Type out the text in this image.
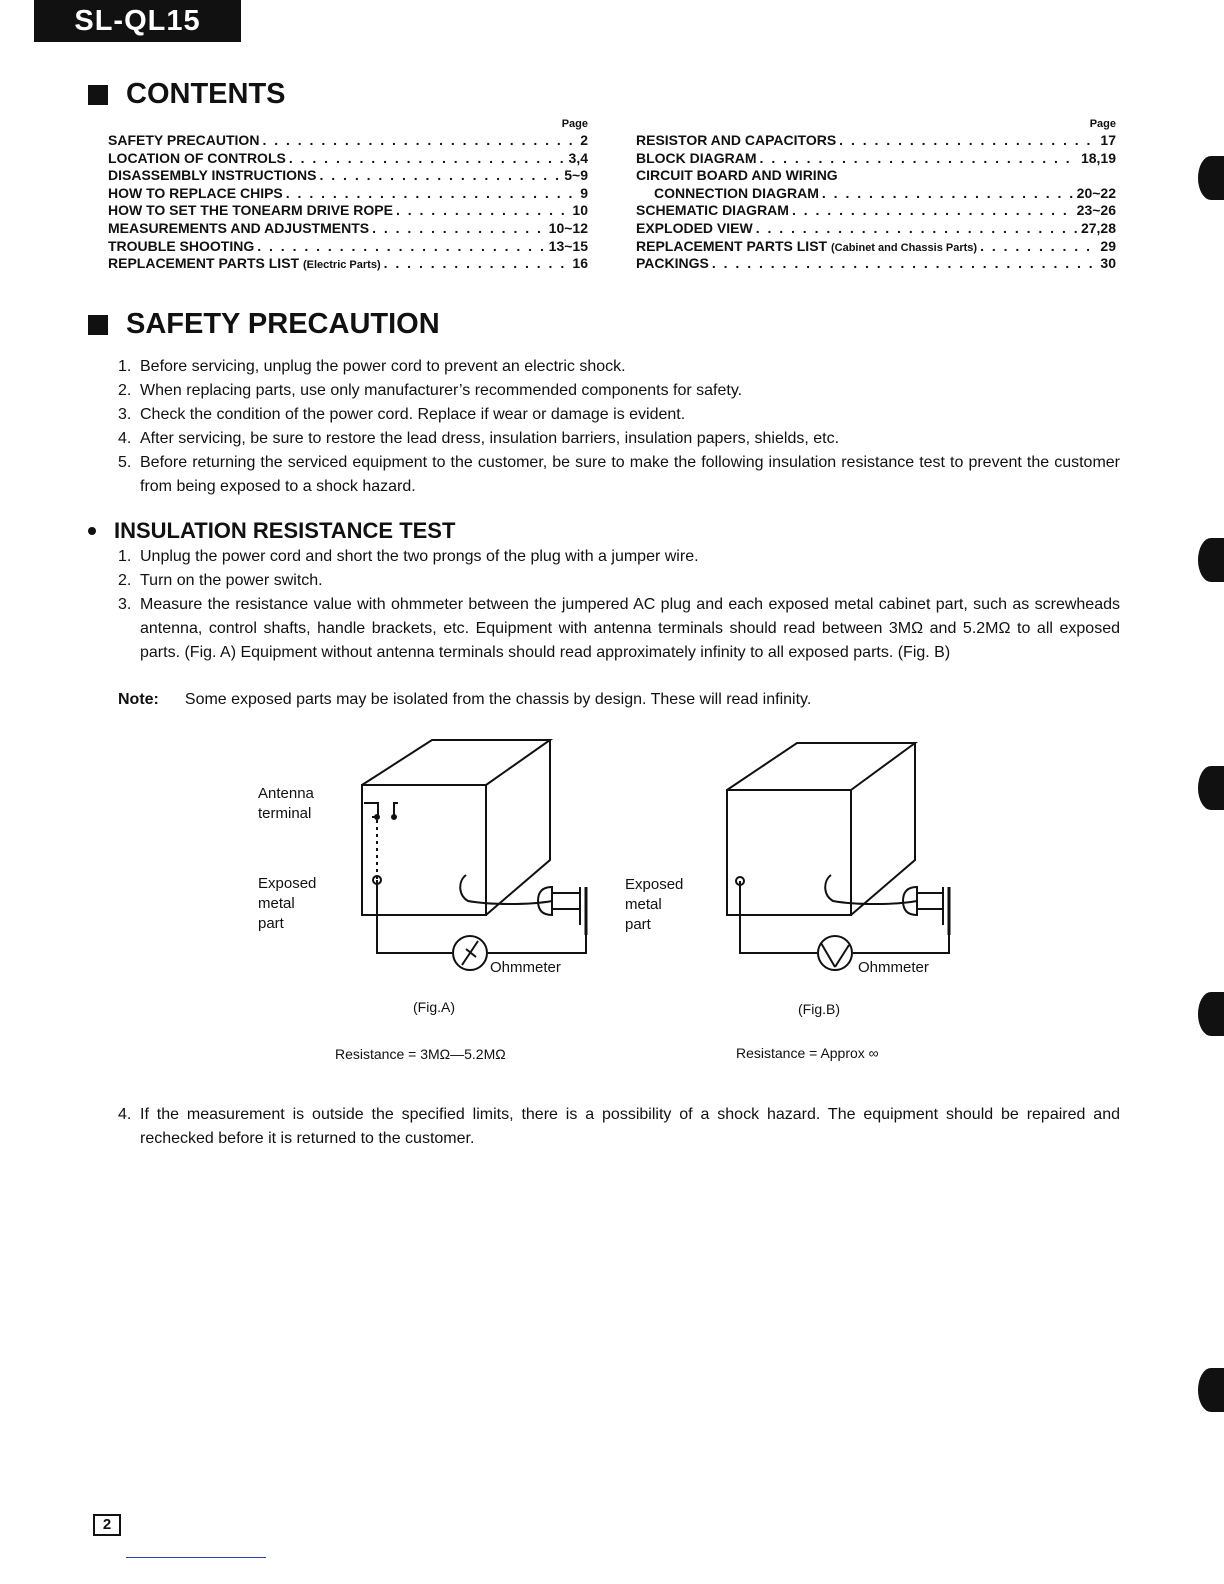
SL-QL15
CONTENTS
Page
SAFETY PRECAUTION . . .	2
LOCATION OF CONTROLS . . .	3,4
DISASSEMBLY INSTRUCTIONS . . .	5~9
HOW TO REPLACE CHIPS . . .	9
HOW TO SET THE TONEARM DRIVE ROPE . . .	10
MEASUREMENTS AND ADJUSTMENTS . . .	10~12
TROUBLE SHOOTING . . .	13~15
REPLACEMENT PARTS LIST
(Electric Parts) . . .	16
Page
RESISTOR AND CAPACITORS . . .	17
BLOCK DIAGRAM . . .	18,19
CIRCUIT BOARD AND WIRING
CONNECTION DIAGRAM . . .	20~22
SCHEMATIC DIAGRAM . . .	23~26
EXPLODED VIEW . . .	27,28
REPLACEMENT PARTS LIST
(Cabinet and Chassis Parts) . . .	29
PACKINGS . . .	30
SAFETY PRECAUTION
1. Before servicing, unplug the power cord to prevent an electric shock.
2. When replacing parts, use only manufacturer’s recommended components for safety.
3. Check the condition of the power cord. Replace if wear or damage is evident.
4. After servicing, be sure to restore the lead dress, insulation barriers, insulation papers, shields, etc.
5. Before returning the serviced equipment to the customer, be sure to make the following insulation resistance test to prevent the customer from being exposed to a shock hazard.
INSULATION RESISTANCE TEST
1. Unplug the power cord and short the two prongs of the plug with a jumper wire.
2. Turn on the power switch.
3. Measure the resistance value with ohmmeter between the jumpered AC plug and each exposed metal cabinet part, such as screwheads antenna, control shafts, handle brackets, etc. Equipment with antenna terminals should read between 3MΩ and 5.2MΩ to all exposed parts. (Fig. A) Equipment without antenna terminals should read approximately infinity to all exposed parts. (Fig. B)
Note: Some exposed parts may be isolated from the chassis by design. These will read infinity.
Antenna
terminal
Exposed
metal
part
Ohmmeter
(Fig.A)
Resistance = 3MΩ—5.2MΩ
Exposed
metal
part
Ohmmeter
(Fig.B)
Resistance = Approx ∞
4. If the measurement is outside the specified limits, there is a possibility of a shock hazard. The equipment should be repaired and rechecked before it is returned to the customer.
2
